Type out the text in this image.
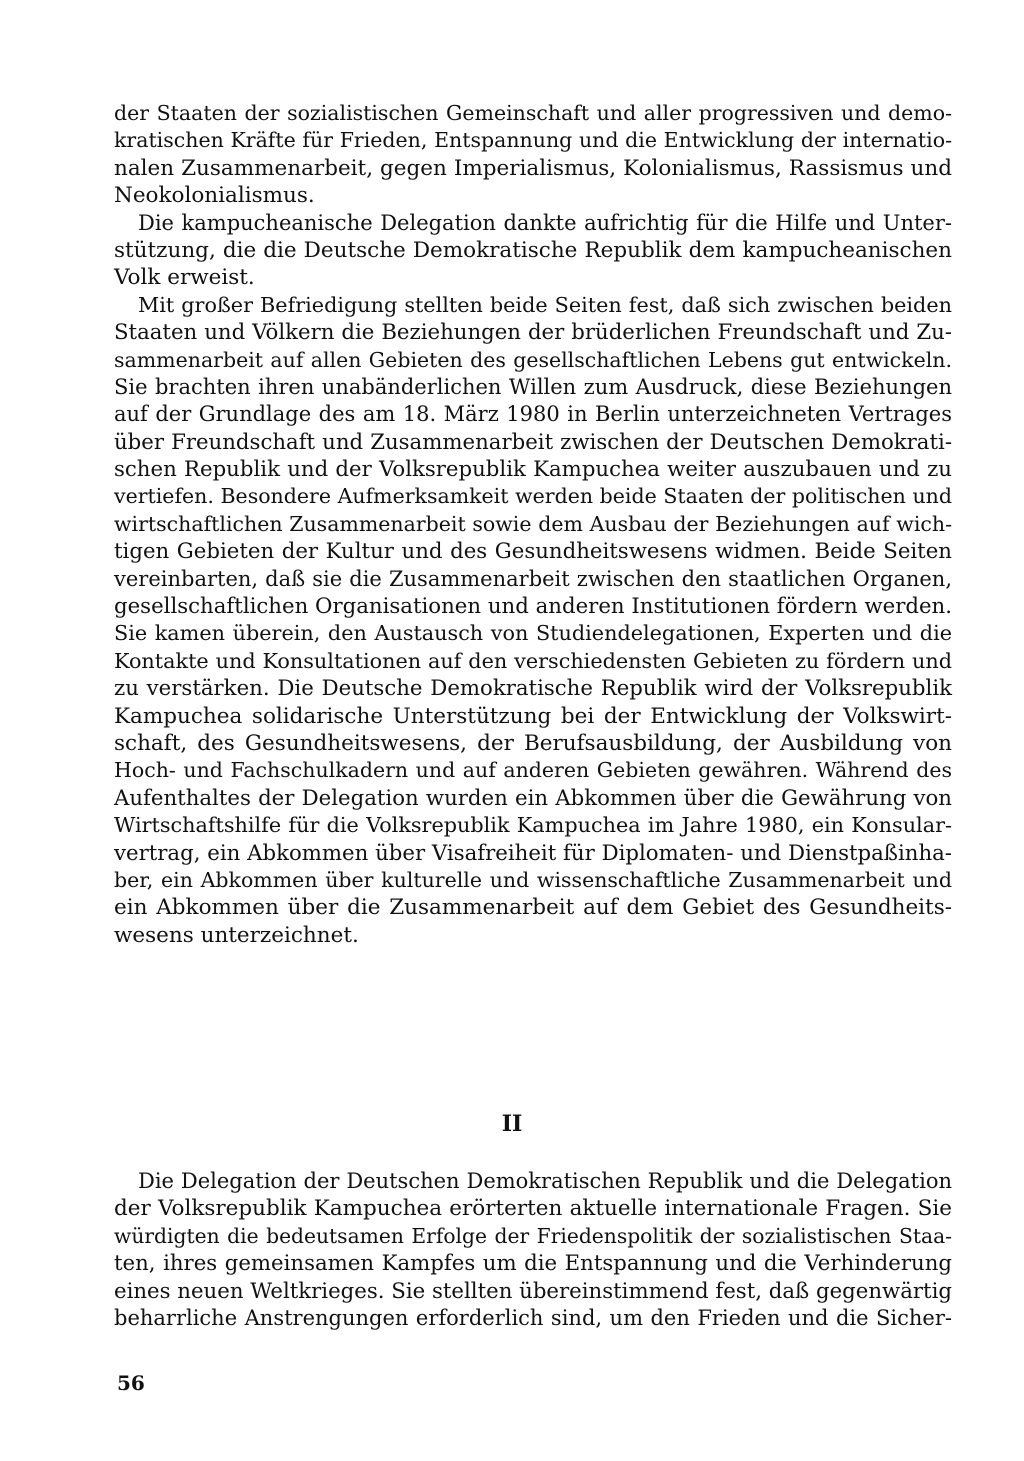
der Staaten der sozialistischen Gemeinschaft und aller progressiven und demo-
kratischen Kräfte für Frieden, Entspannung und die Entwicklung der internatio-
nalen Zusammenarbeit, gegen Imperialismus, Kolonialismus, Rassismus und
Neokolonialismus.
Die kampucheanische Delegation dankte aufrichtig für die Hilfe und Unter-
stützung, die die Deutsche Demokratische Republik dem kampucheanischen
Volk erweist.
Mit großer Befriedigung stellten beide Seiten fest, daß sich zwischen beiden
Staaten und Völkern die Beziehungen der brüderlichen Freundschaft und Zu-
sammenarbeit auf allen Gebieten des gesellschaftlichen Lebens gut entwickeln.
Sie brachten ihren unabänderlichen Willen zum Ausdruck, diese Beziehungen
auf der Grundlage des am 18. März 1980 in Berlin unterzeichneten Vertrages
über Freundschaft und Zusammenarbeit zwischen der Deutschen Demokrati-
schen Republik und der Volksrepublik Kampuchea weiter auszubauen und zu
vertiefen. Besondere Aufmerksamkeit werden beide Staaten der politischen und
wirtschaftlichen Zusammenarbeit sowie dem Ausbau der Beziehungen auf wich-
tigen Gebieten der Kultur und des Gesundheitswesens widmen. Beide Seiten
vereinbarten, daß sie die Zusammenarbeit zwischen den staatlichen Organen,
gesellschaftlichen Organisationen und anderen Institutionen fördern werden.
Sie kamen überein, den Austausch von Studiendelegationen, Experten und die
Kontakte und Konsultationen auf den verschiedensten Gebieten zu fördern und
zu verstärken. Die Deutsche Demokratische Republik wird der Volksrepublik
Kampuchea solidarische Unterstützung bei der Entwicklung der Volkswirt-
schaft, des Gesundheitswesens, der Berufsausbildung, der Ausbildung von
Hoch- und Fachschulkadern und auf anderen Gebieten gewähren. Während des
Aufenthaltes der Delegation wurden ein Abkommen über die Gewährung von
Wirtschaftshilfe für die Volksrepublik Kampuchea im Jahre 1980, ein Konsular-
vertrag, ein Abkommen über Visafreiheit für Diplomaten- und Dienstpaßinha-
ber, ein Abkommen über kulturelle und wissenschaftliche Zusammenarbeit und
ein Abkommen über die Zusammenarbeit auf dem Gebiet des Gesundheits-
wesens unterzeichnet.
II
Die Delegation der Deutschen Demokratischen Republik und die Delegation
der Volksrepublik Kampuchea erörterten aktuelle internationale Fragen. Sie
würdigten die bedeutsamen Erfolge der Friedenspolitik der sozialistischen Staa-
ten, ihres gemeinsamen Kampfes um die Entspannung und die Verhinderung
eines neuen Weltkrieges. Sie stellten übereinstimmend fest, daß gegenwärtig
beharrliche Anstrengungen erforderlich sind, um den Frieden und die Sicher-
56
